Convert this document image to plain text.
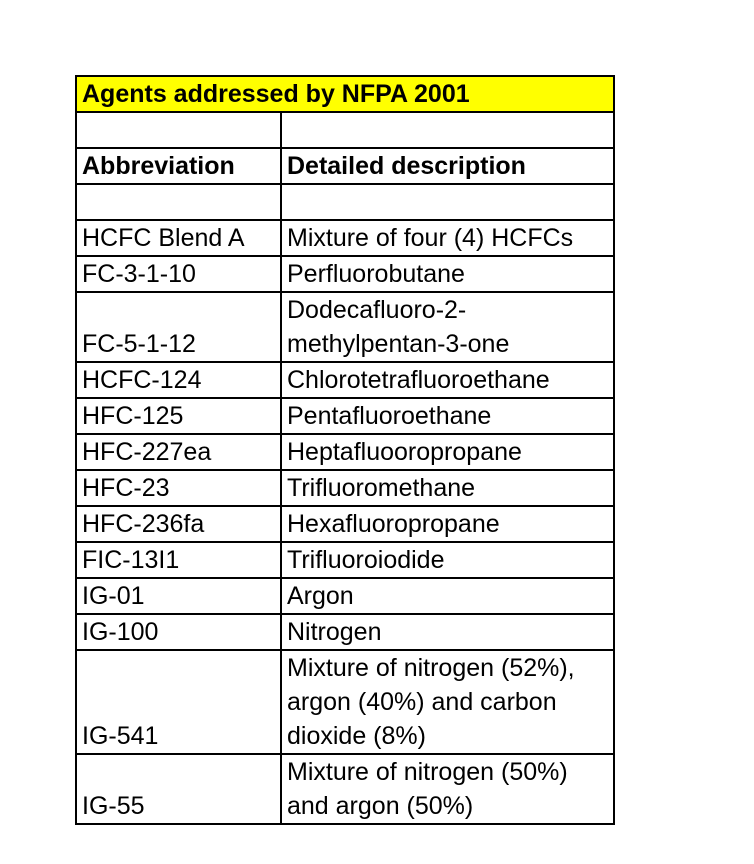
Agents addressed by NFPA 2001	

Abbreviation	Detailed description

HCFC Blend A	Mixture of four (4) HCFCs

FC-3-1-10	Perfluorobutane

FC-5-1-12	Dodecafluoro-2-
methylpentan-3-one

HCFC-124	Chlorotetrafluoroethane

HFC-125	Pentafluoroethane

HFC-227ea	Heptafluooropropane

HFC-23	Trifluoromethane

HFC-236fa	Hexafluoropropane

FIC-13I1	Trifluoroiodide

IG-01	Argon

IG-100	Nitrogen

IG-541	Mixture of nitrogen (52%),
argon (40%) and carbon
dioxide (8%)

IG-55	Mixture of nitrogen (50%)
and argon (50%)
